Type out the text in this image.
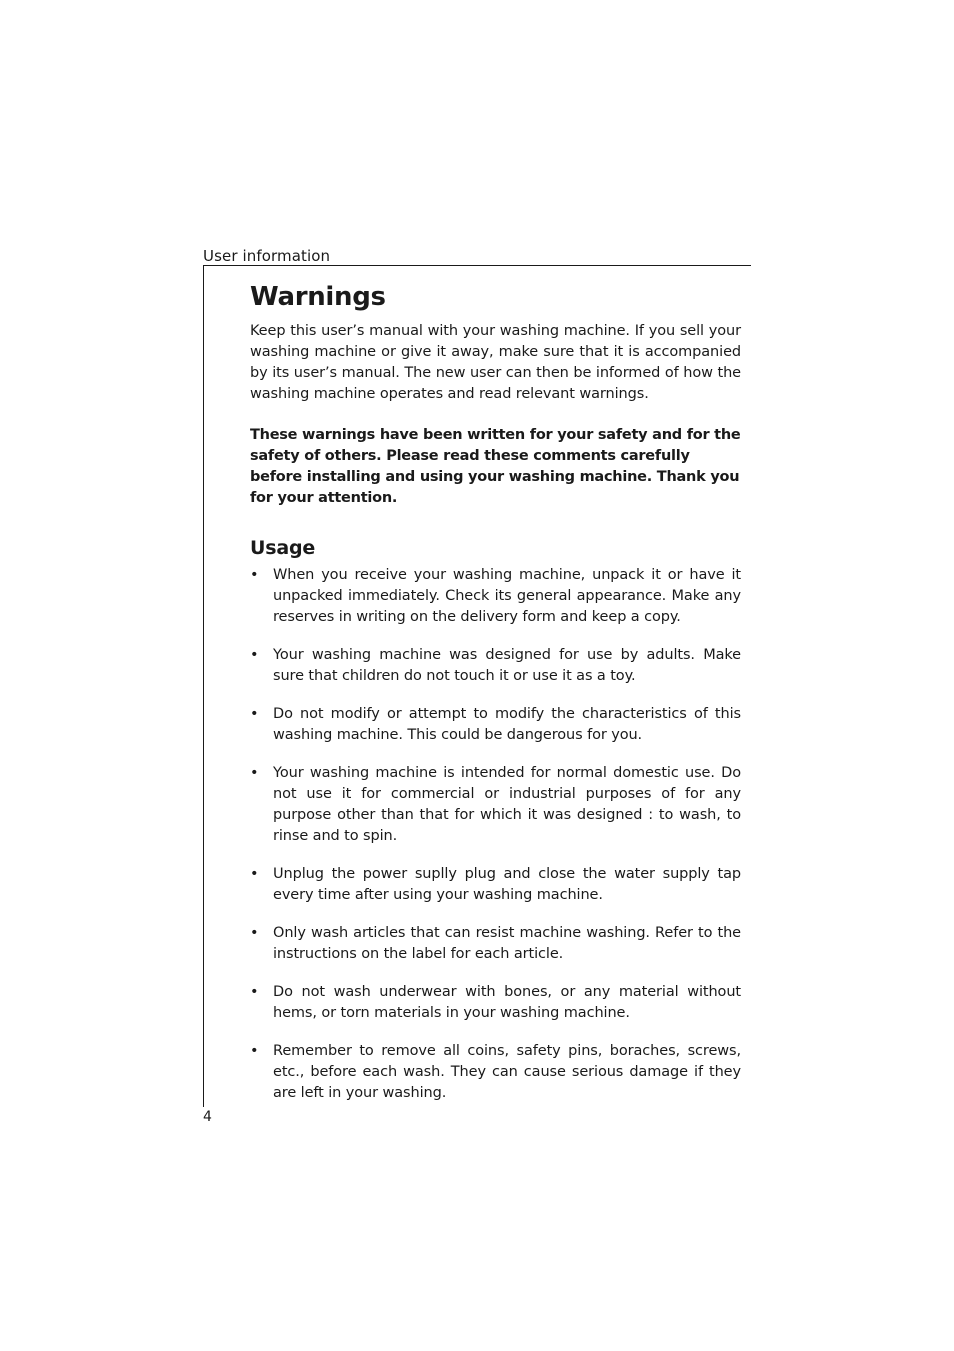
User information
Warnings

Keep this user’s manual with your washing machine. If you sell your washing machine or give it away, make sure that it is accompanied by its user’s manual. The new user can then be informed of how the washing machine operates and read relevant warnings.

These warnings have been written for your safety and for the safety of others. Please read these comments carefully before installing and using your washing machine. Thank you for your attention.

Usage
• When you receive your washing machine, unpack it or have it unpacked immediately. Check its general appearance. Make any reserves in writing on the delivery form and keep a copy.

• Your washing machine was designed for use by adults. Make sure that children do not touch it or use it as a toy.

• Do not modify or attempt to modify the characteristics of this washing machine. This could be dangerous for you.

• Your washing machine is intended for normal domestic use. Do not use it for commercial or industrial purposes of for any purpose other than that for which it was designed : to wash, to rinse and to spin.

• Unplug the power suplly plug and close the water supply tap every time after using your washing machine.

• Only wash articles that can resist machine washing. Refer to the instructions on the label for each article.

• Do not wash underwear with bones, or any material without hems, or torn materials in your washing machine.

• Remember to remove all coins, safety pins, boraches, screws, etc., before each wash. They can cause serious damage if they are left in your washing.

4
